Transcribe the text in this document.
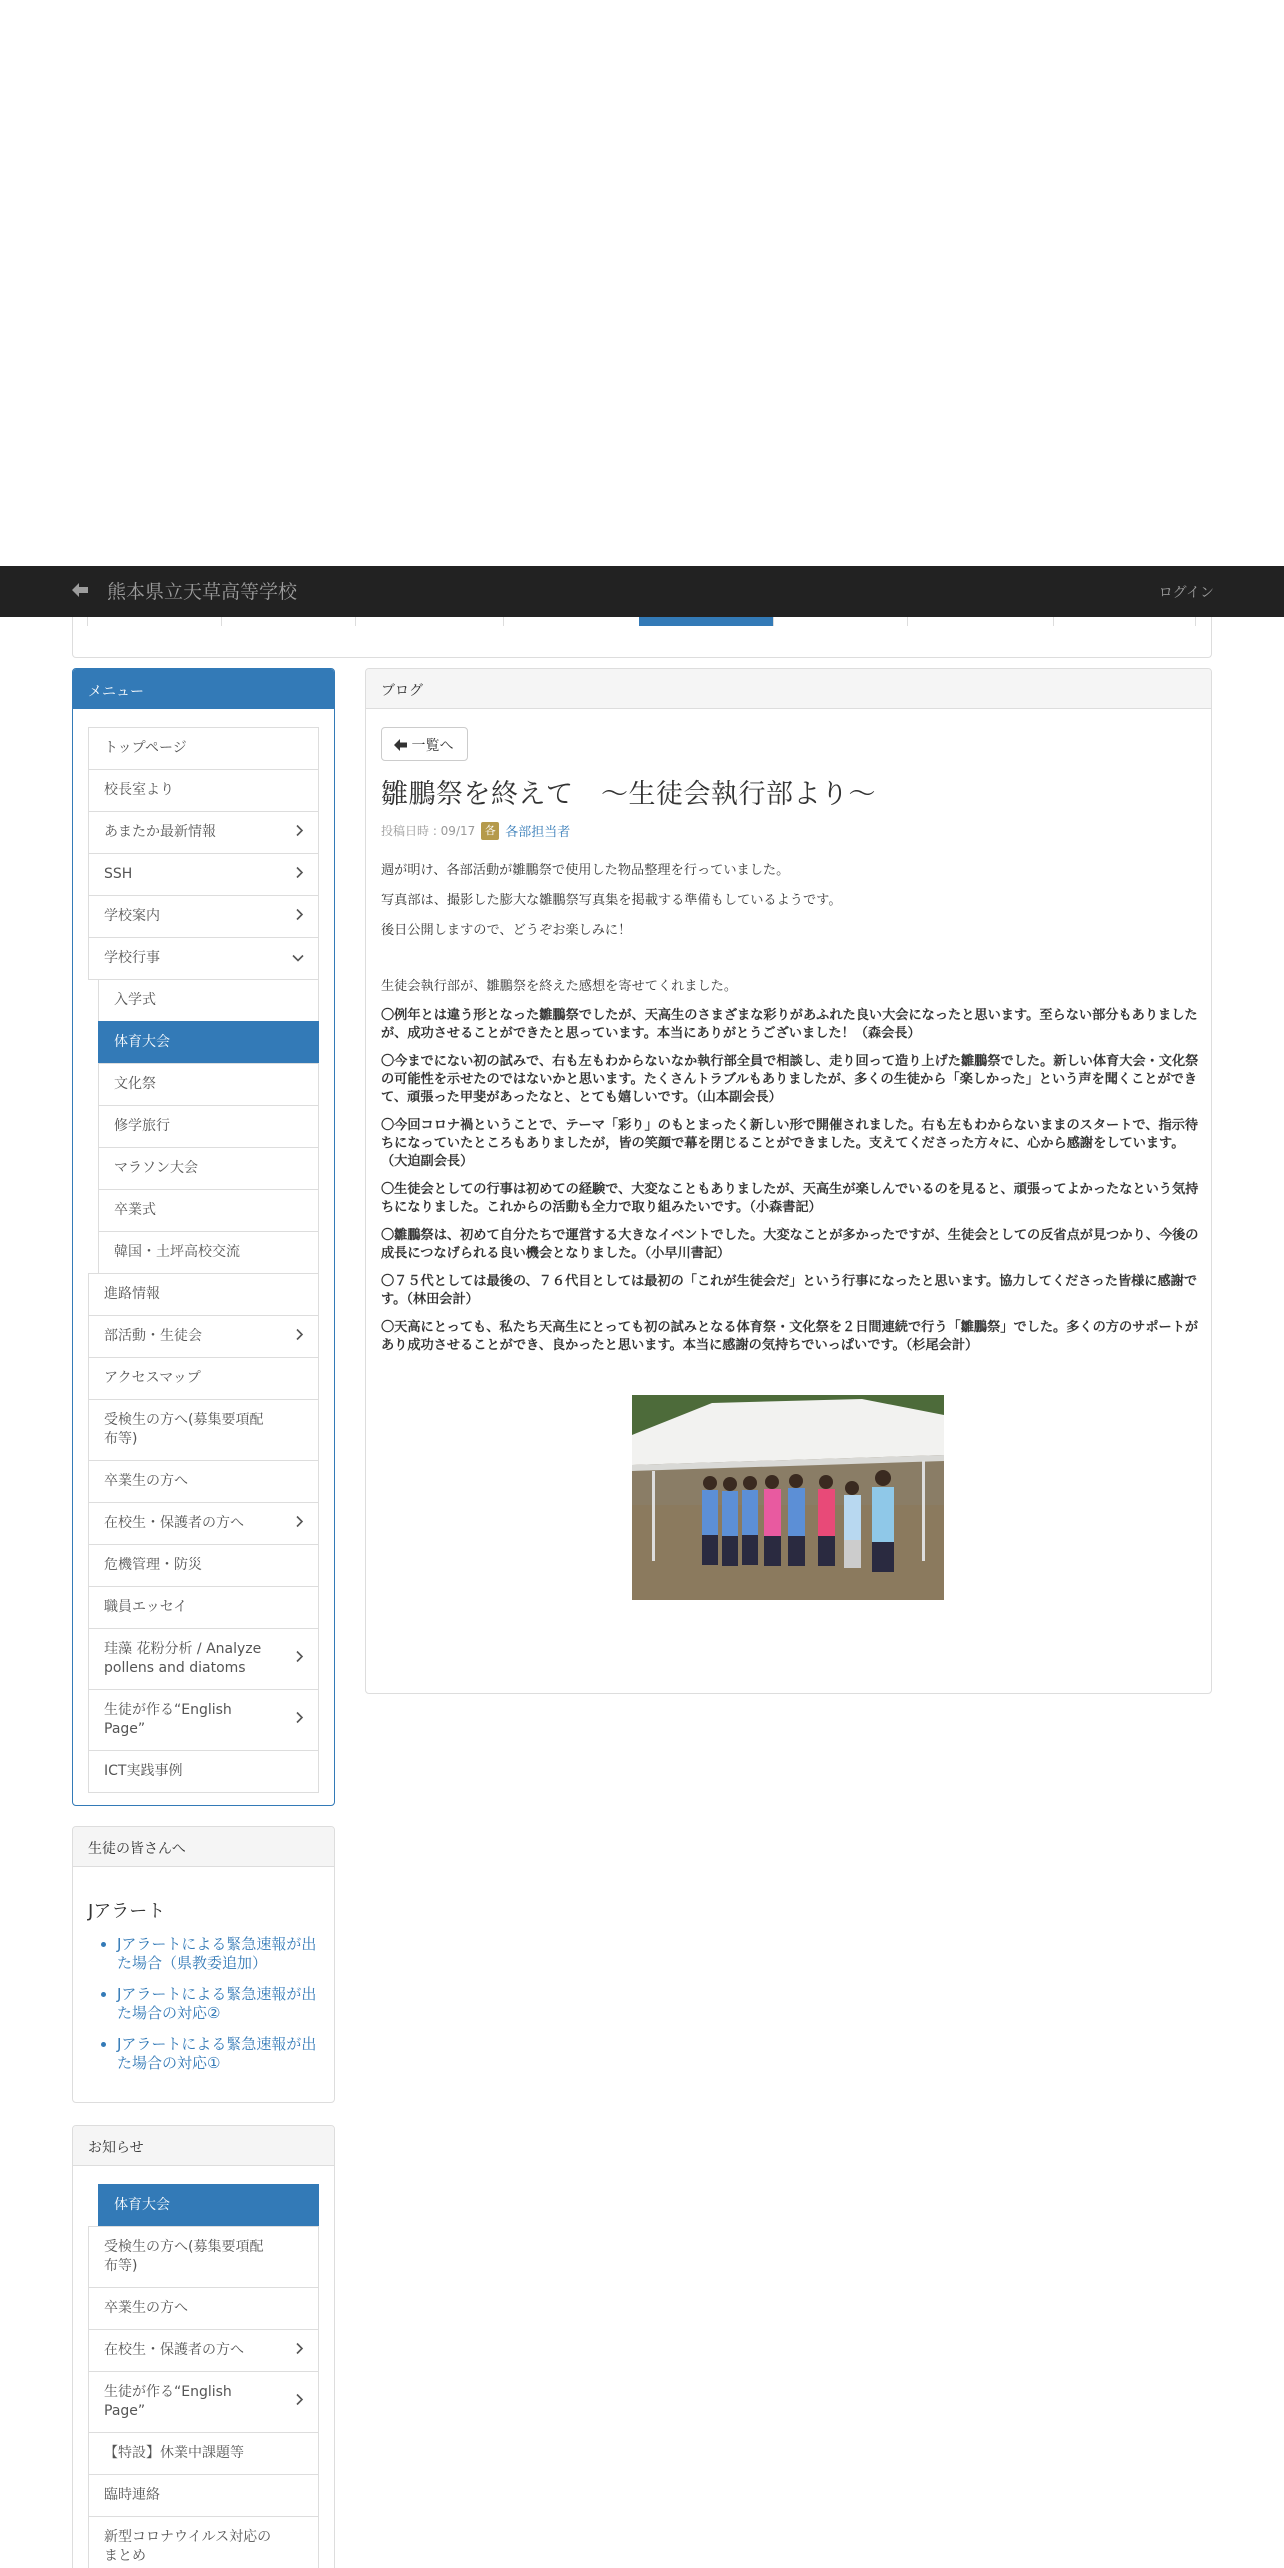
熊本県立天草高等学校	ログイン
メニュー
トップページ
校長室より
あまたか最新情報
SSH
学校案内
学校行事
入学式
体育大会
文化祭
修学旅行
マラソン大会
卒業式
韓国・土坪高校交流
進路情報
部活動・生徒会
アクセスマップ
受検生の方へ(募集要項配布等)
卒業生の方へ
在校生・保護者の方へ
危機管理・防災
職員エッセイ
珪藻 花粉分析 / Analyze pollens and diatoms
生徒が作る“English Page”
ICT実践事例
生徒の皆さんへ
Jアラート
• Jアラートによる緊急速報が出た場合（県教委追加）
• Jアラートによる緊急速報が出た場合の対応②
• Jアラートによる緊急速報が出た場合の対応①
お知らせ
体育大会
受検生の方へ(募集要項配布等)
卒業生の方へ
在校生・保護者の方へ
生徒が作る“English Page”
【特設】休業中課題等
臨時連絡
新型コロナウイルス対応のまとめ
ブログ
一覧へ
雛鵬祭を終えて　～生徒会執行部より～
投稿日時 : 09/17 各 各部担当者

週が明け、各部活動が雛鵬祭で使用した物品整理を行っていました。

写真部は、撮影した膨大な雛鵬祭写真集を掲載する準備もしているようです。

後日公開しますので、どうぞお楽しみに！

生徒会執行部が、雛鵬祭を終えた感想を寄せてくれました。

〇例年とは違う形となった雛鵬祭でしたが、天高生のさまざまな彩りがあふれた良い大会になったと思います。至らない部分もありましたが、成功させることができたと思っています。本当にありがとうございました！（森会長）

〇今までにない初の試みで、右も左もわからないなか執行部全員で相談し、走り回って造り上げた雛鵬祭でした。新しい体育大会・文化祭の可能性を示せたのではないかと思います。たくさんトラブルもありましたが、多くの生徒から「楽しかった」という声を聞くことができて、頑張った甲斐があったなと、とても嬉しいです。（山本副会長）

〇今回コロナ禍ということで、テーマ「彩り」のもとまったく新しい形で開催されました。右も左もわからないままのスタートで、指示待ちになっていたところもありましたが，皆の笑顔で幕を閉じることができました。支えてくださった方々に、心から感謝をしています。（大迫副会長）

〇生徒会としての行事は初めての経験で、大変なこともありましたが、天高生が楽しんでいるのを見ると、頑張ってよかったなという気持ちになりました。これからの活動も全力で取り組みたいです。（小森書記）

〇雛鵬祭は、初めて自分たちで運営する大きなイベントでした。大変なことが多かったですが、生徒会としての反省点が見つかり、今後の成長につなげられる良い機会となりました。（小早川書記）

〇７５代としては最後の、７６代目としては最初の「これが生徒会だ」という行事になったと思います。協力してくださった皆様に感謝です。（林田会計）

〇天高にとっても、私たち天高生にとっても初の試みとなる体育祭・文化祭を２日間連続で行う「雛鵬祭」でした。多くの方のサポートがあり成功させることができ、良かったと思います。本当に感謝の気持ちでいっぱいです。（杉尾会計）
